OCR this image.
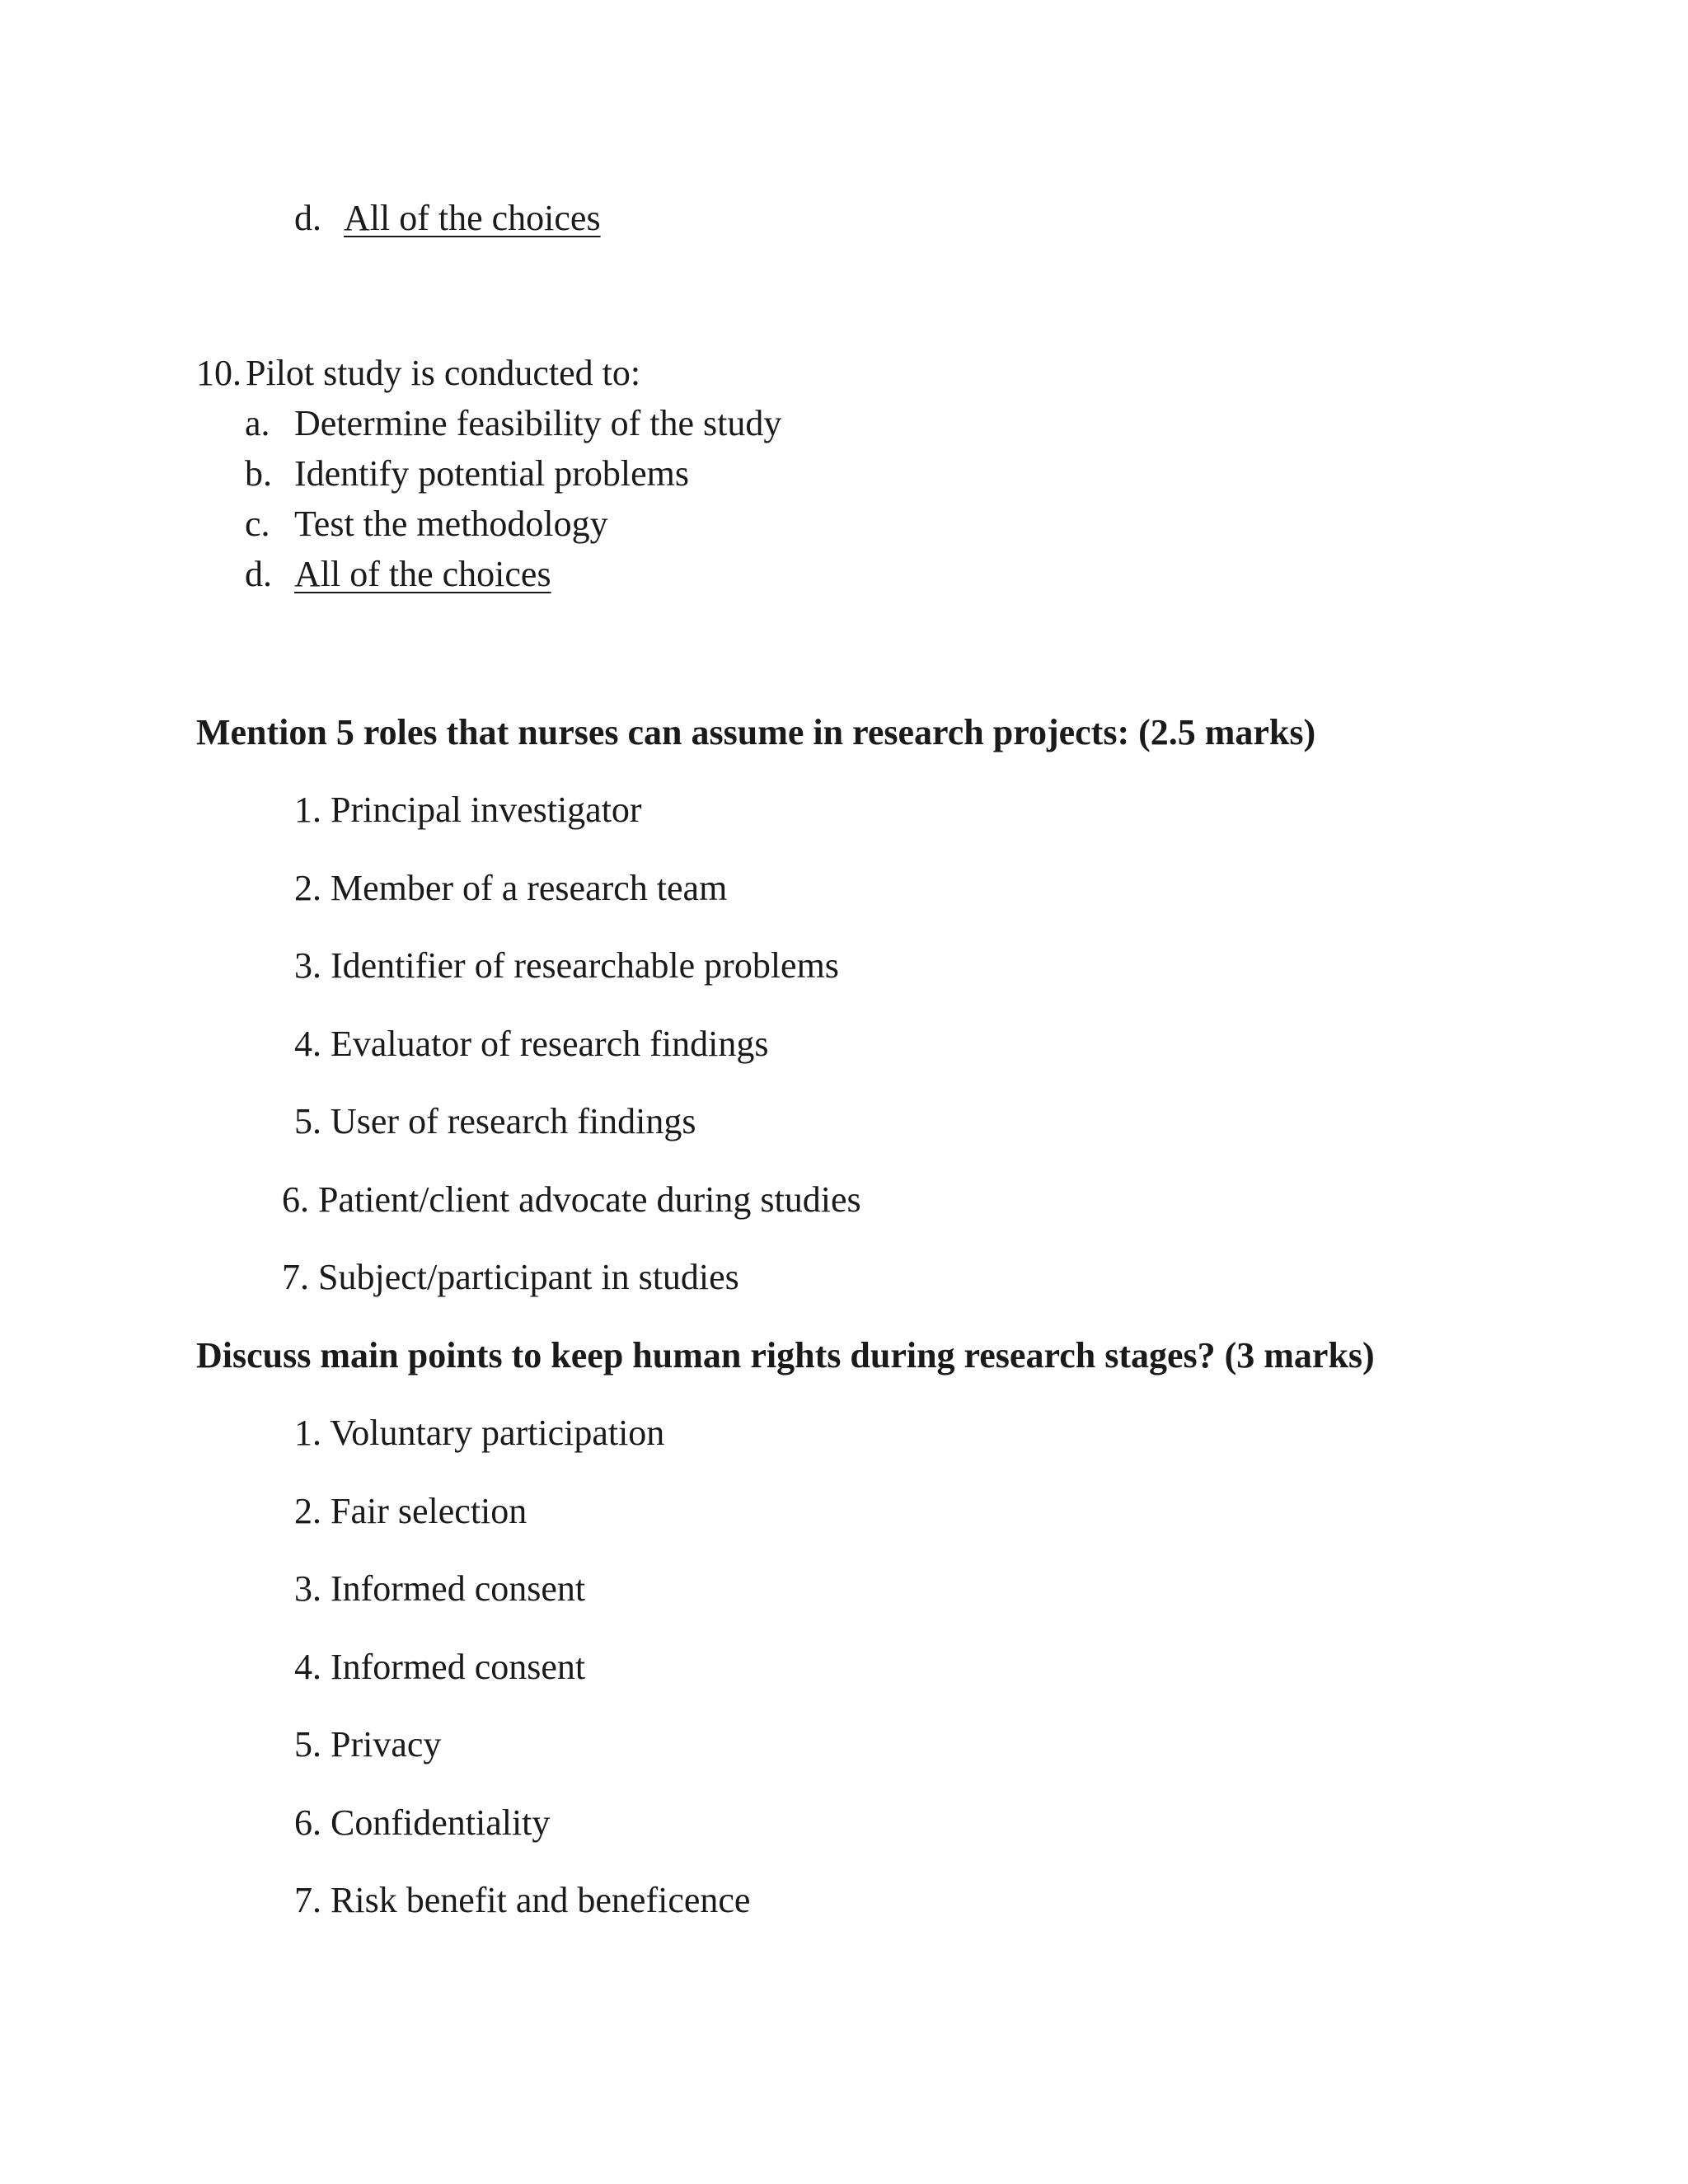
d. All of the choices
10. Pilot study is conducted to:
a. Determine feasibility of the study
b. Identify potential problems
c. Test the methodology
d. All of the choices
Mention 5 roles that nurses can assume in research projects: (2.5 marks)
1. Principal investigator
2. Member of a research team
3. Identifier of researchable problems
4. Evaluator of research findings
5. User of research findings
6. Patient/client advocate during studies
7. Subject/participant in studies
Discuss main points to keep human rights during research stages? (3 marks)
1. Voluntary participation
2. Fair selection
3. Informed consent
4. Informed consent
5. Privacy
6. Confidentiality
7. Risk benefit and beneficence
